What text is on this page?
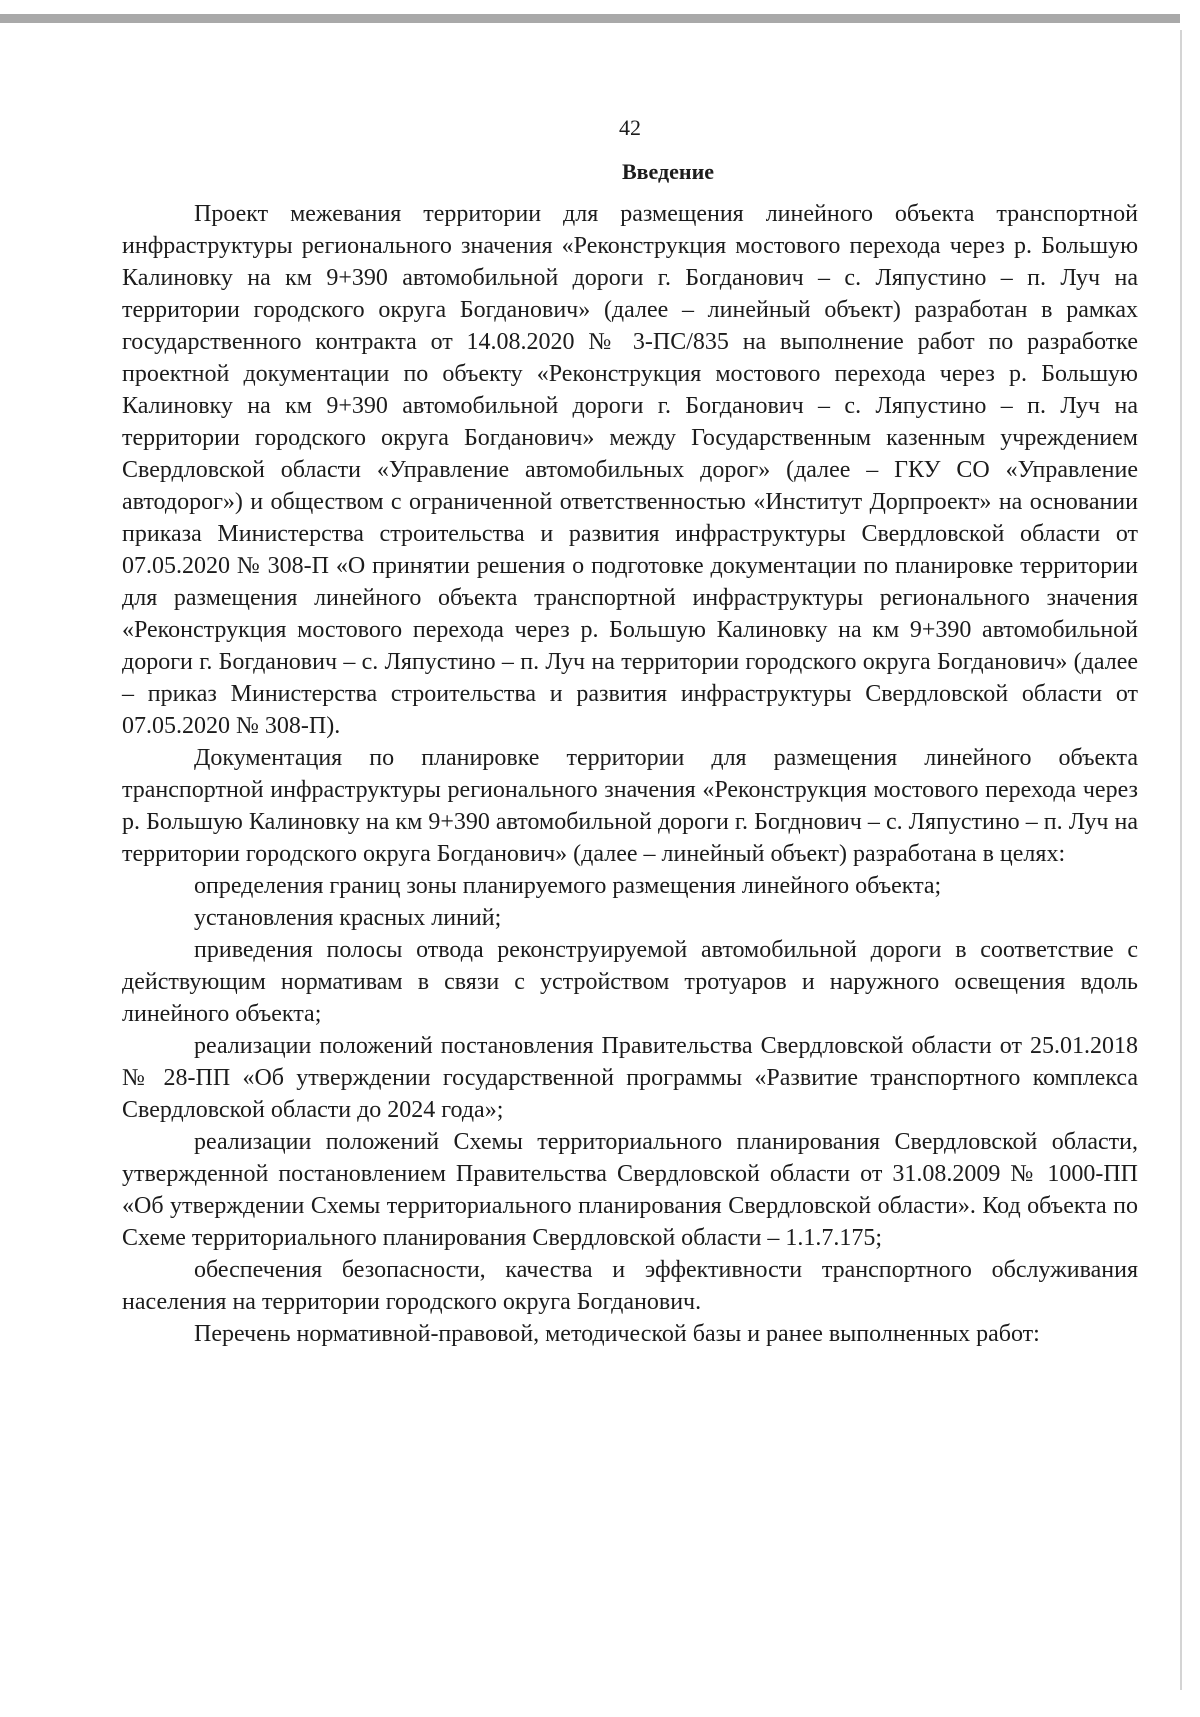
42
Введение

Проект межевания территории для размещения линейного объекта транспортной инфраструктуры регионального значения «Реконструкция мостового перехода через р. Большую Калиновку на км 9+390 автомобильной дороги г. Богданович – с. Ляпустино – п. Луч на территории городского округа Богданович» (далее – линейный объект) разработан в рамках государственного контракта от 14.08.2020 № 3-ПС/835 на выполнение работ по разработке проектной документации по объекту «Реконструкция мостового перехода через р. Большую Калиновку на км 9+390 автомобильной дороги г. Богданович – с. Ляпустино – п. Луч на территории городского округа Богданович» между Государственным казенным учреждением Свердловской области «Управление автомобильных дорог» (далее – ГКУ СО «Управление автодорог») и обществом с ограниченной ответственностью «Институт Дорпроект» на основании приказа Министерства строительства и развития инфраструктуры Свердловской области от 07.05.2020 № 308-П «О принятии решения о подготовке документации по планировке территории для размещения линейного объекта транспортной инфраструктуры регионального значения «Реконструкция мостового перехода через р. Большую Калиновку на км 9+390 автомобильной дороги г. Богданович – с. Ляпустино – п. Луч на территории городского округа Богданович» (далее – приказ Министерства строительства и развития инфраструктуры Свердловской области от 07.05.2020 № 308-П).

Документация по планировке территории для размещения линейного объекта транспортной инфраструктуры регионального значения «Реконструкция мостового перехода через р. Большую Калиновку на км 9+390 автомобильной дороги г. Богднович – с. Ляпустино – п. Луч на территории городского округа Богданович» (далее – линейный объект) разработана в целях:

определения границ зоны планируемого размещения линейного объекта;
установления красных линий;
приведения полосы отвода реконструируемой автомобильной дороги в соответствие с действующим нормативам в связи с устройством тротуаров и наружного освещения вдоль линейного объекта;
реализации положений постановления Правительства Свердловской области от 25.01.2018 № 28-ПП «Об утверждении государственной программы «Развитие транспортного комплекса Свердловской области до 2024 года»;
реализации положений Схемы территориального планирования Свердловской области, утвержденной постановлением Правительства Свердловской области от 31.08.2009 № 1000-ПП «Об утверждении Схемы территориального планирования Свердловской области». Код объекта по Схеме территориального планирования Свердловской области – 1.1.7.175;
обеспечения безопасности, качества и эффективности транспортного обслуживания населения на территории городского округа Богданович.

Перечень нормативной-правовой, методической базы и ранее выполненных работ:
